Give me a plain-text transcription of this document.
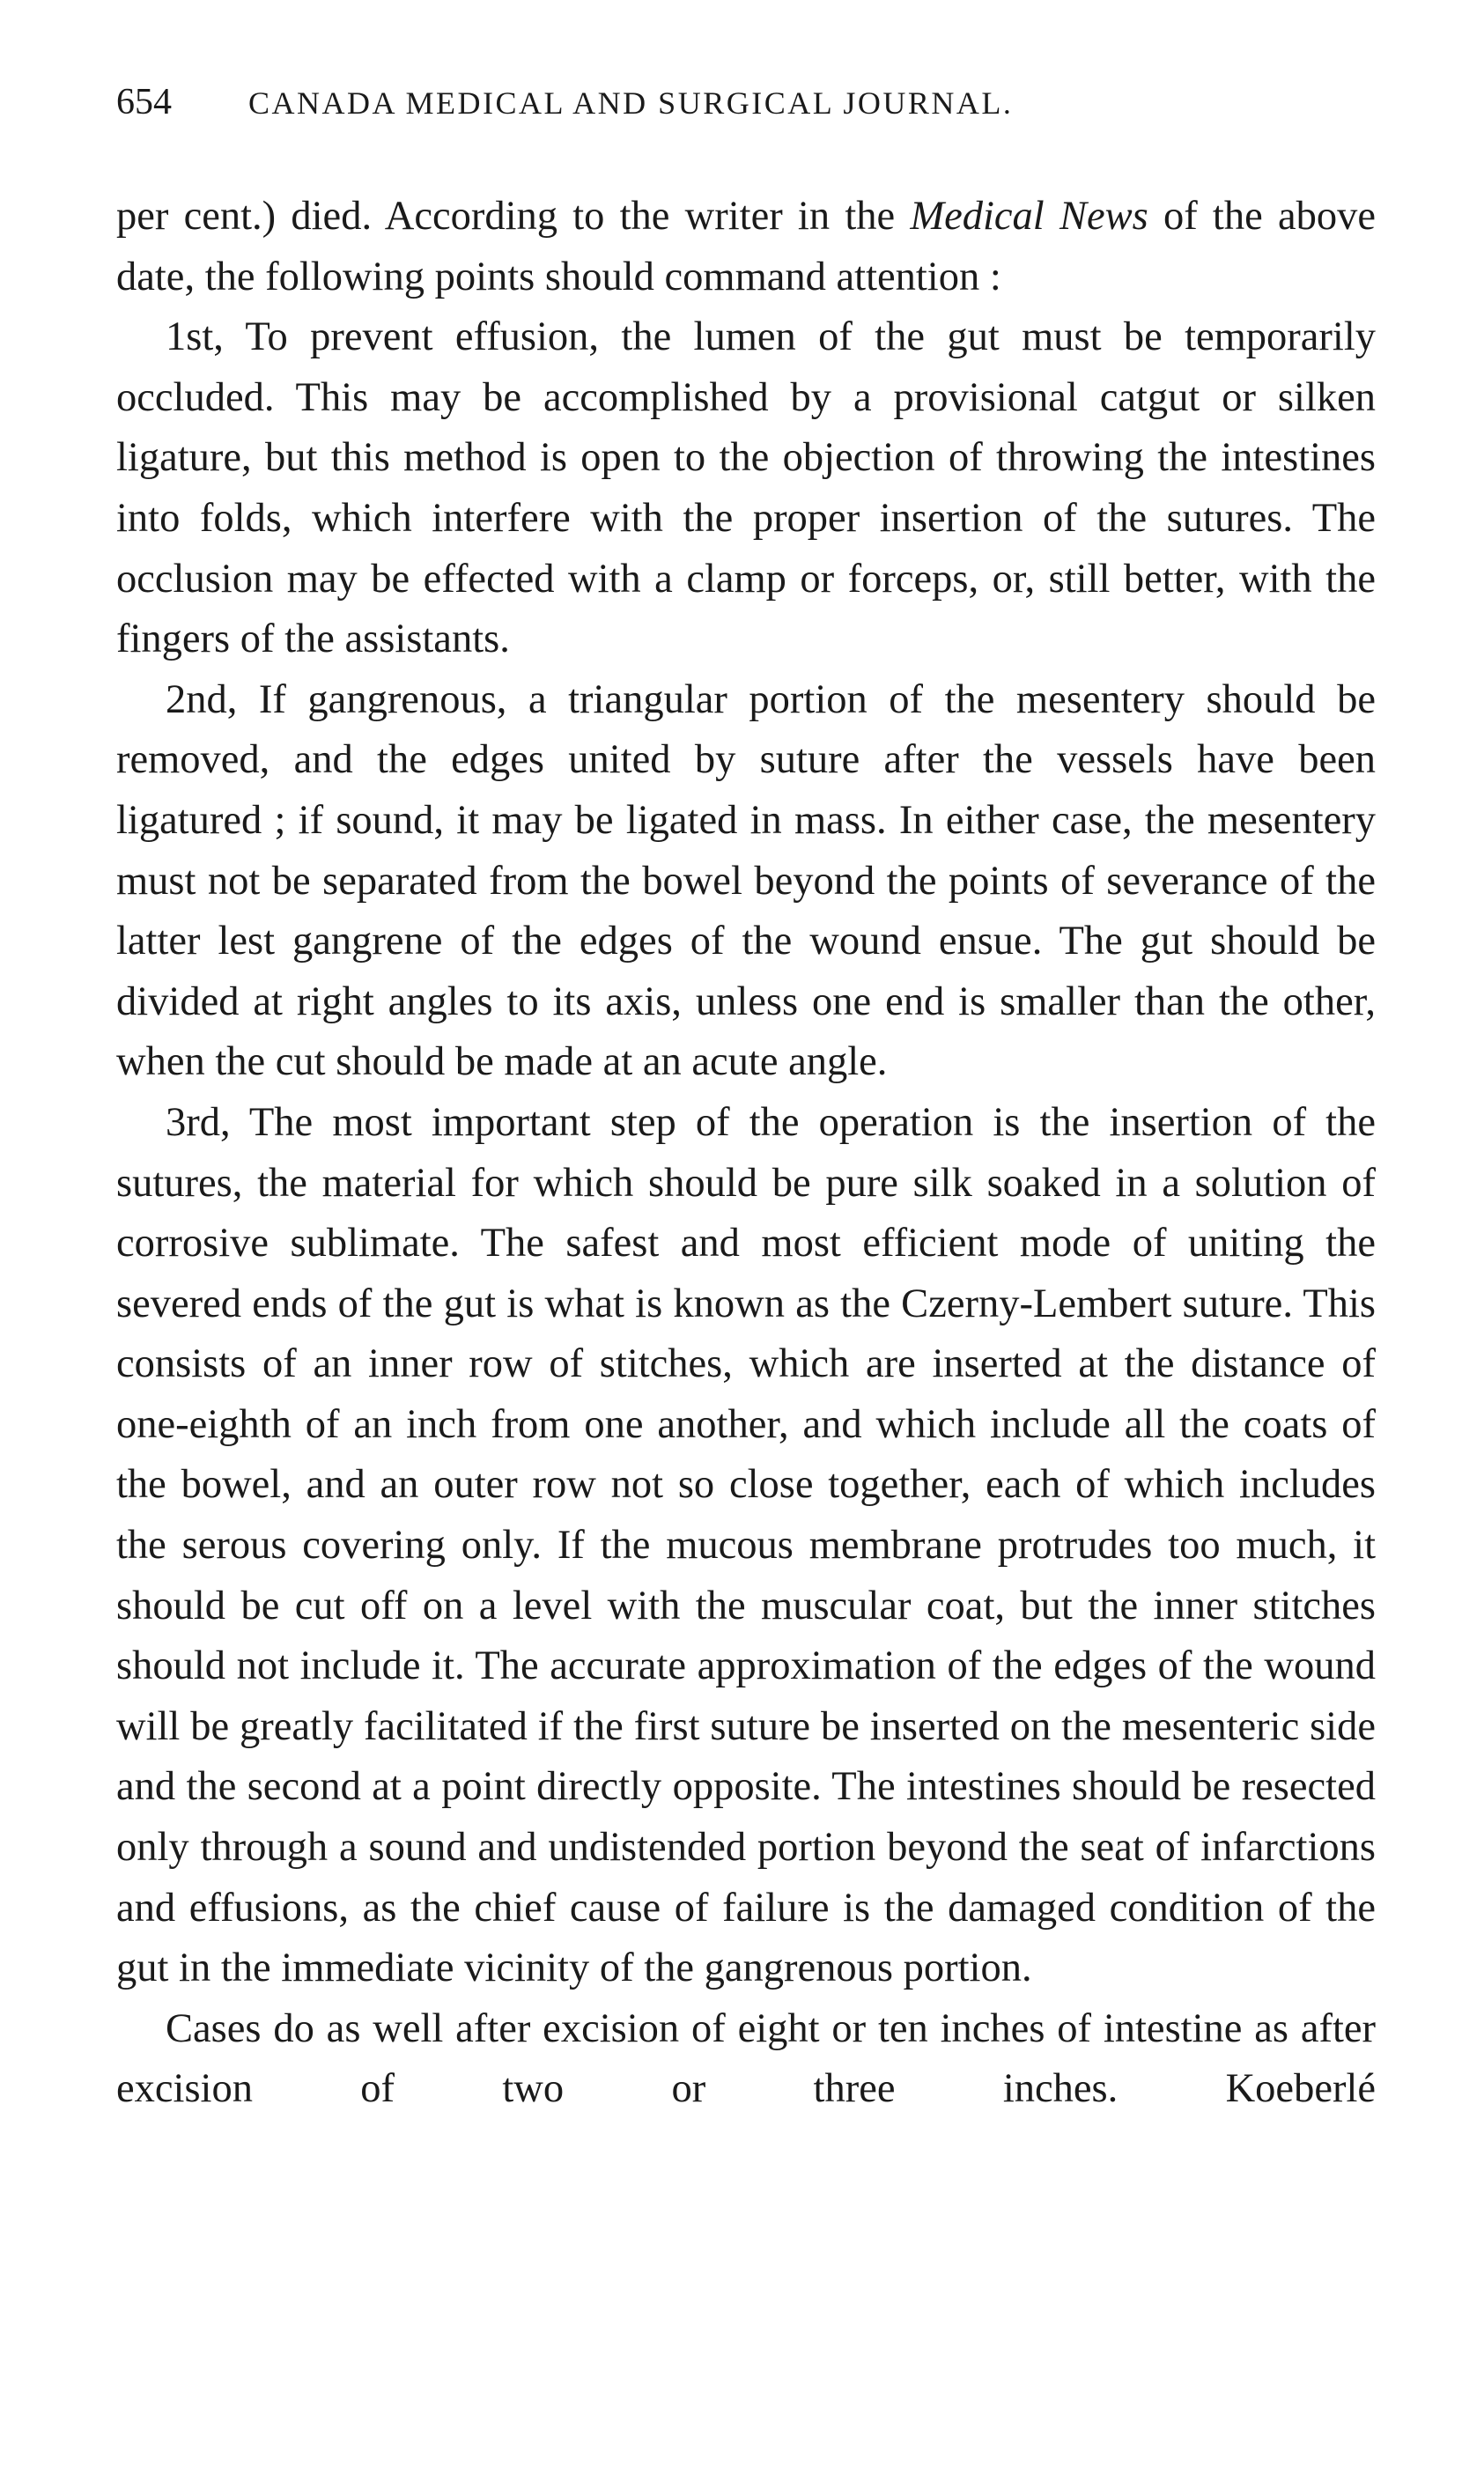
654	CANADA MEDICAL AND SURGICAL JOURNAL.

per cent.) died. According to the writer in the Medical News of the above date, the following points should command attention :

1st, To prevent effusion, the lumen of the gut must be temporarily occluded. This may be accomplished by a provisional catgut or silken ligature, but this method is open to the objection of throwing the intestines into folds, which interfere with the proper insertion of the sutures. The occlusion may be effected with a clamp or forceps, or, still better, with the fingers of the assistants.

2nd, If gangrenous, a triangular portion of the mesentery should be removed, and the edges united by suture after the vessels have been ligatured ; if sound, it may be ligated in mass. In either case, the mesentery must not be separated from the bowel beyond the points of severance of the latter lest gangrene of the edges of the wound ensue. The gut should be divided at right angles to its axis, unless one end is smaller than the other, when the cut should be made at an acute angle.

3rd, The most important step of the operation is the insertion of the sutures, the material for which should be pure silk soaked in a solution of corrosive sublimate. The safest and most efficient mode of uniting the severed ends of the gut is what is known as the Czerny-Lembert suture. This consists of an inner row of stitches, which are inserted at the distance of one-eighth of an inch from one another, and which include all the coats of the bowel, and an outer row not so close together, each of which includes the serous covering only. If the mucous membrane protrudes too much, it should be cut off on a level with the muscular coat, but the inner stitches should not include it. The accurate approximation of the edges of the wound will be greatly facilitated if the first suture be inserted on the mesenteric side and the second at a point directly opposite. The intestines should be resected only through a sound and undistended portion beyond the seat of infarctions and effusions, as the chief cause of failure is the damaged condition of the gut in the immediate vicinity of the gangrenous portion.

Cases do as well after excision of eight or ten inches of intestine as after excision of two or three inches. Koeberlé
